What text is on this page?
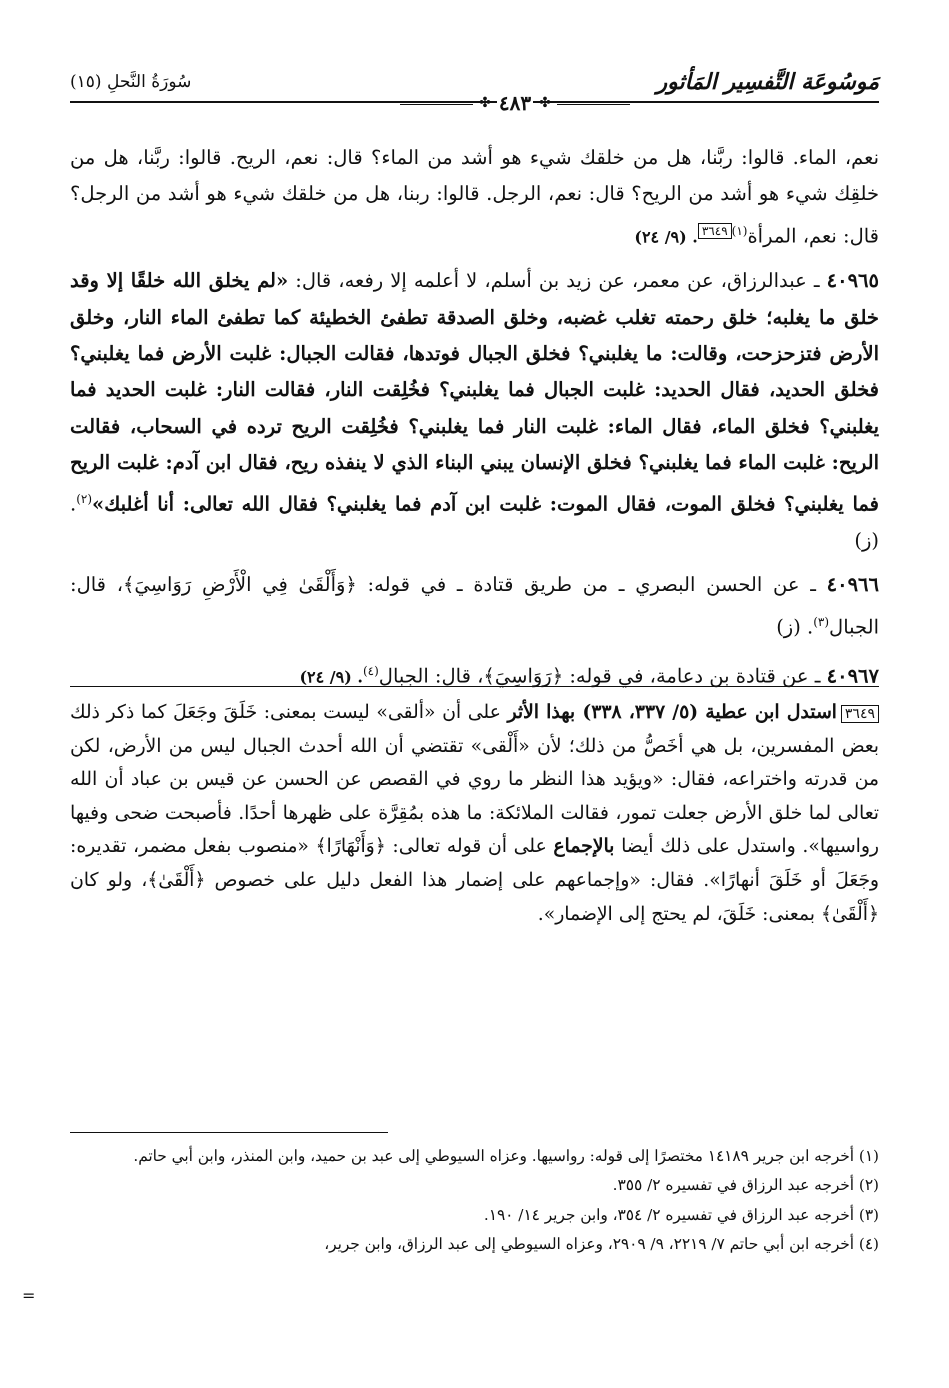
مَوسُوعَة التَّفسِير المَأثور
سُورَةُ النَّحلِ (١٥)
✤
٤٨٣
✤

نعم، الماء. قالوا: ربَّنا، هل من خلقك شيء هو أشد من الماء؟ قال: نعم، الريح. قالوا: ربَّنا، هل من خلقِك شيء هو أشد من الريح؟ قال: نعم، الرجل. قالوا: ربنا، هل من خلقك شيء هو أشد من الرجل؟ قال: نعم، المرأة$^{(١)}$٣٦٤٩. (٩/ ٢٤)

٤٠٩٦٥ ـ عبدالرزاق، عن معمر، عن زيد بن أسلم، لا أعلمه إلا رفعه، قال: «لم يخلق الله خلقًا إلا وقد خلق ما يغلبه؛ خلق رحمته تغلب غضبه، وخلق الصدقة تطفئ الخطيئة كما تطفئ الماء النار، وخلق الأرض فتزحزحت، وقالت: ما يغلبني؟ فخلق الجبال فوتدها، فقالت الجبال: غلبت الأرض فما يغلبني؟ فخلق الحديد، فقال الحديد: غلبت الجبال فما يغلبني؟ فخُلِقت النار، فقالت النار: غلبت الحديد فما يغلبني؟ فخلق الماء، فقال الماء: غلبت النار فما يغلبني؟ فخُلِقت الريح ترده في السحاب، فقالت الريح: غلبت الماء فما يغلبني؟ فخلق الإنسان يبني البناء الذي لا ينفذه ريح، فقال ابن آدم: غلبت الريح فما يغلبني؟ فخلق الموت، فقال الموت: غلبت ابن آدم فما يغلبني؟ فقال الله تعالى: أنا أغلبك»$^{(٢)}$. (ز)

٤٠٩٦٦ ـ عن الحسن البصري ـ من طريق قتادة ـ في قوله: ﴿وَأَلْقَىٰ فِي الْأَرْضِ رَوَاسِيَ﴾، قال: الجبال$^{(٣)}$. (ز)

٤٠٩٦٧ ـ عن قتادة بن دعامة، في قوله: ﴿رَوَاسِيَ﴾، قال: الجبال$^{(٤)}$. (٩/ ٢٤)

٣٦٤٩استدل ابن عطية (٥/ ٣٣٧، ٣٣٨) بهذا الأثر على أن «ألقى» ليست بمعنى: خَلَقَ وجَعَلَ كما ذكر ذلك بعض المفسرين، بل هي أخَصُّ من ذلك؛ لأن «أَلْقى» تقتضي أن الله أحدث الجبال ليس من الأرض، لكن من قدرته واختراعه، فقال: «ويؤيد هذا النظر ما روي في القصص عن الحسن عن قيس بن عباد أن الله تعالى لما خلق الأرض جعلت تمور، فقالت الملائكة: ما هذه بمُقِرَّة على ظهرها أحدًا. فأصبحت ضحى وفيها رواسيها». واستدل على ذلك أيضا بالإجماع على أن قوله تعالى: ﴿وَأَنْهَارًا﴾ «منصوب بفعل مضمر، تقديره: وجَعَلَ أو خَلَقَ أنهارًا». فقال: «وإجماعهم على إضمار هذا الفعل دليل على خصوص ﴿أَلْقَىٰ﴾، ولو كان ﴿أَلْقَىٰ﴾ بمعنى: خَلَقَ، لم يحتج إلى الإضمار».

(١) أخرجه ابن جرير ١٤١٨٩ مختصرًا إلى قوله: رواسيها. وعزاه السيوطي إلى عبد بن حميد، وابن المنذر، وابن أبي حاتم.

(٢) أخرجه عبد الرزاق في تفسيره ٢/ ٣٥٥.

(٣) أخرجه عبد الرزاق في تفسيره ٢/ ٣٥٤، وابن جرير ١٤/ ١٩٠.

(٤) أخرجه ابن أبي حاتم ٧/ ٢٢١٩، ٩/ ٢٩٠٩، وعزاه السيوطي إلى عبد الرزاق، وابن جرير،

=
